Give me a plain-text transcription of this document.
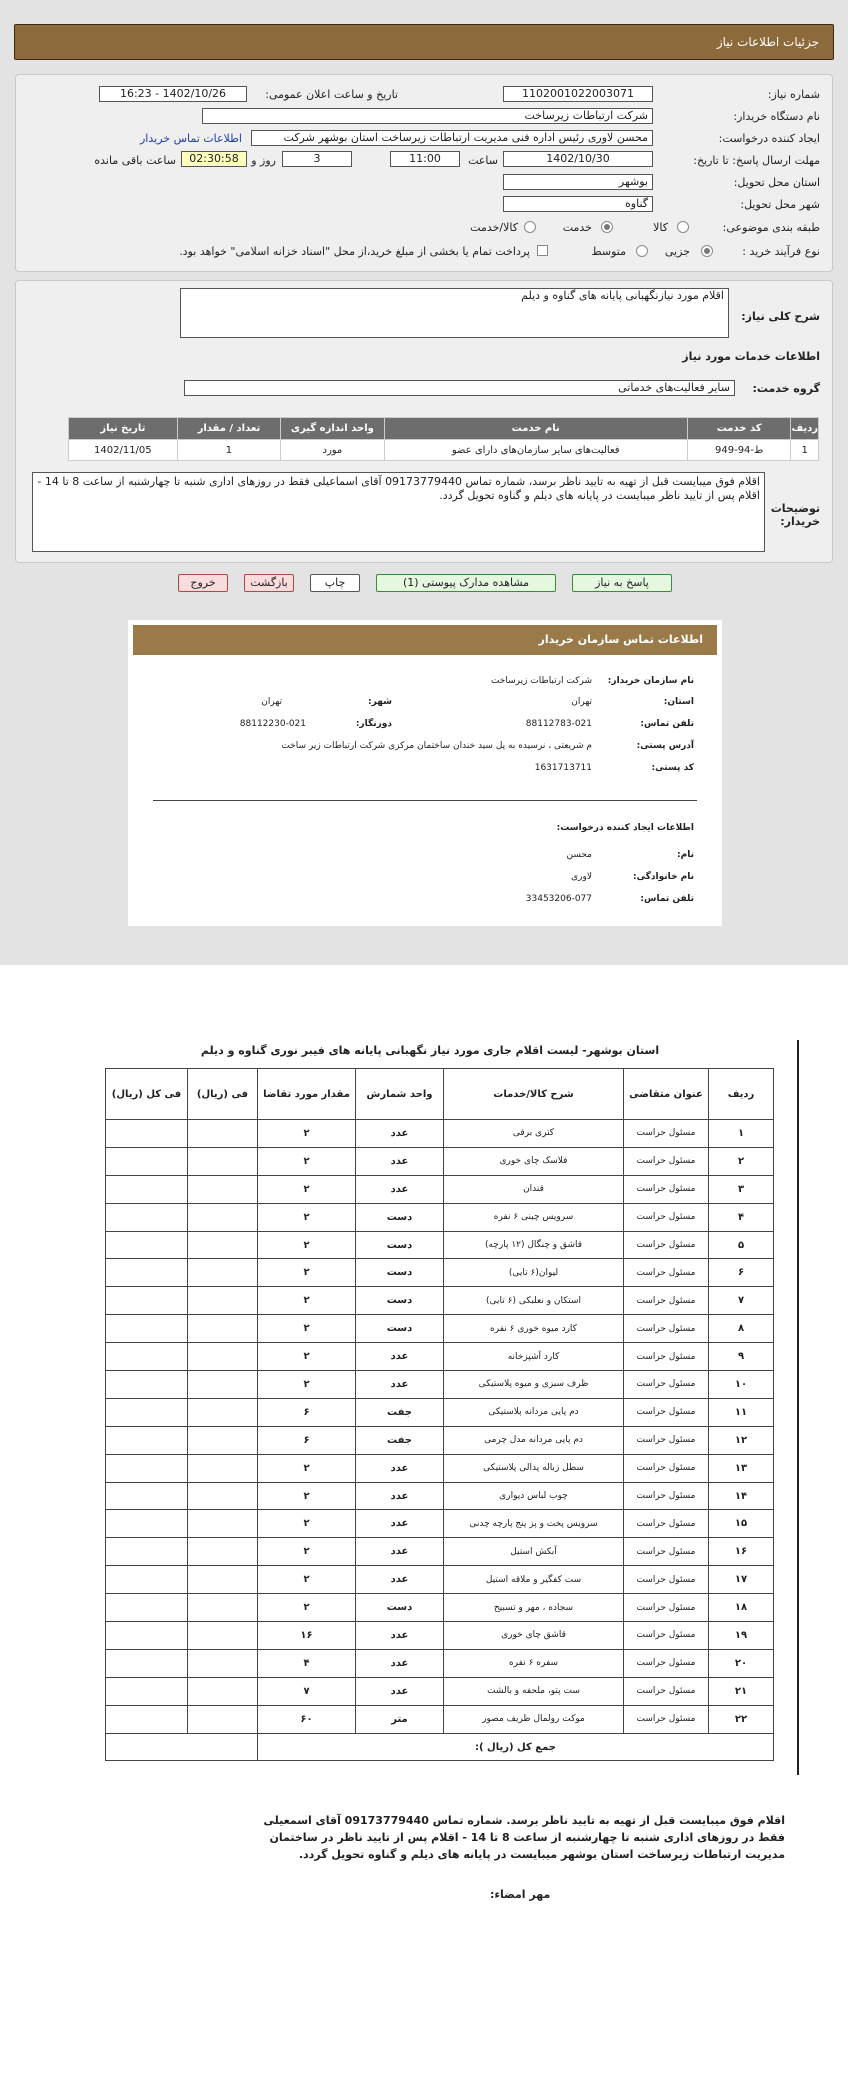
جزئیات اطلاعات نیاز
شماره نیاز:
1102001022003071
تاریخ و ساعت اعلان عمومی:
1402/10/26 - 16:23
نام دستگاه خریدار:
شرکت ارتباطات زیرساخت
ایجاد کننده درخواست:
محسن لاوری رئیس اداره فنی مدیریت ارتباطات زیرساخت استان بوشهر شرکت
اطلاعات تماس خریدار
مهلت ارسال پاسخ: تا تاریخ:
1402/10/30
ساعت
11:00
3
روز و
02:30:58
ساعت باقی مانده
استان محل تحویل:
بوشهر
شهر محل تحویل:
گناوه
طبقه بندی موضوعی:
کالا
خدمت
کالا/خدمت
نوع فرآیند خرید :
جزیی
متوسط
پرداخت تمام یا بخشی از مبلغ خرید،از محل "اسناد خزانه اسلامی" خواهد بود.
شرح کلی نیاز:
اقلام مورد نیازنگهبانی پایانه های گناوه و دیلم
اطلاعات خدمات مورد نیاز
گروه خدمت:
سایر فعالیت‌های خدماتی
ردیف	کد خدمت	نام خدمت	واحد اندازه گیری	تعداد / مقدار	تاریخ نیاز
1	ط-94-949	فعالیت‌های سایر سازمان‌های دارای عضو	مورد	1	1402/11/05
توضیحات خریدار:
اقلام فوق میبایست قبل از تهیه به تایید ناظر برسد، شماره تماس 09173779440 آقای اسماعیلی فقط در روزهای اداری شنبه تا چهارشنبه از ساعت 8 تا 14 - اقلام پس از تایید ناظر میبایست در پایانه های دیلم و گناوه تحویل گردد.
پاسخ به نیاز
مشاهده مدارک پیوستی (1)
چاپ
بازگشت
خروج
اطلاعات تماس سازمان خریدار
نام سازمان خریدار:
شرکت ارتباطات زیرساخت
استان:
تهران
شهر:
تهران
تلفن تماس:
88112783-021
دورنگار:
88112230-021
آدرس پستی:
م شریعتی ، نرسیده به پل سید خندان ساختمان مرکزی شرکت ارتباطات زیر ساخت
کد پستی:
1631713711
اطلاعات ایجاد کننده درخواست:
نام:
محسن
نام خانوادگی:
لاوری
تلفن تماس:
33453206-077
استان بوشهر- لیست اقلام جاری مورد نیاز نگهبانی پایانه های فیبر نوری گناوه و دیلم
ردیف	عنوان متقاضی	شرح کالا/خدمات	واحد شمارش	مقدار مورد تقاضا	فی (ریال)	فی کل (ریال)
۱	مسئول حراست	کتری برقی	عدد	۲		
۲	مسئول حراست	فلاسک چای خوری	عدد	۲		
۳	مسئول حراست	قندان	عدد	۲		
۴	مسئول حراست	سرویس چینی ۶ نفره	دست	۲		
۵	مسئول حراست	قاشق و چنگال (۱۲ پارچه)	دست	۲		
۶	مسئول حراست	لیوان(۶ تایی)	دست	۲		
۷	مسئول حراست	استکان و نعلبکی (۶ تایی)	دست	۲		
۸	مسئول حراست	کارد میوه خوری ۶ نفره	دست	۲		
۹	مسئول حراست	کارد آشپزخانه	عدد	۲		
۱۰	مسئول حراست	ظرف سبزی و میوه پلاستیکی	عدد	۲		
۱۱	مسئول حراست	دم پایی مردانه پلاستیکی	جفت	۶		
۱۲	مسئول حراست	دم پایی مردانه مدل چرمی	جفت	۶		
۱۳	مسئول حراست	سطل زباله پدالی پلاستیکی	عدد	۲		
۱۴	مسئول حراست	چوب لباس دیواری	عدد	۲		
۱۵	مسئول حراست	سرویس پخت و پز پنج پارچه چدنی	عدد	۲		
۱۶	مسئول حراست	آبکش استیل	عدد	۲		
۱۷	مسئول حراست	ست کفگیر و ملاقه استیل	عدد	۲		
۱۸	مسئول حراست	سجاده ، مهر و تسبیح	دست	۲		
۱۹	مسئول حراست	قاشق چای خوری	عدد	۱۶		
۲۰	مسئول حراست	سفره ۶ نفره	عدد	۴		
۲۱	مسئول حراست	ست پتو، ملحفه و بالشت	عدد	۷		
۲۲	مسئول حراست	موکت رولمال ظریف مصور	متر	۶۰		
جمع کل (ریال ):						
اقلام فوق میبایست قبل از تهیه به تایید ناظر برسد. شماره تماس 09173779440 آقای اسمعیلی فقط در روزهای اداری شنبه تا چهارشنبه از ساعت 8 تا 14 - اقلام پس از تایید ناظر در ساختمان مدیریت ارتباطات زیرساخت استان بوشهر میبایست در پایانه های دیلم و گناوه تحویل گردد.
مهر امضاء:
